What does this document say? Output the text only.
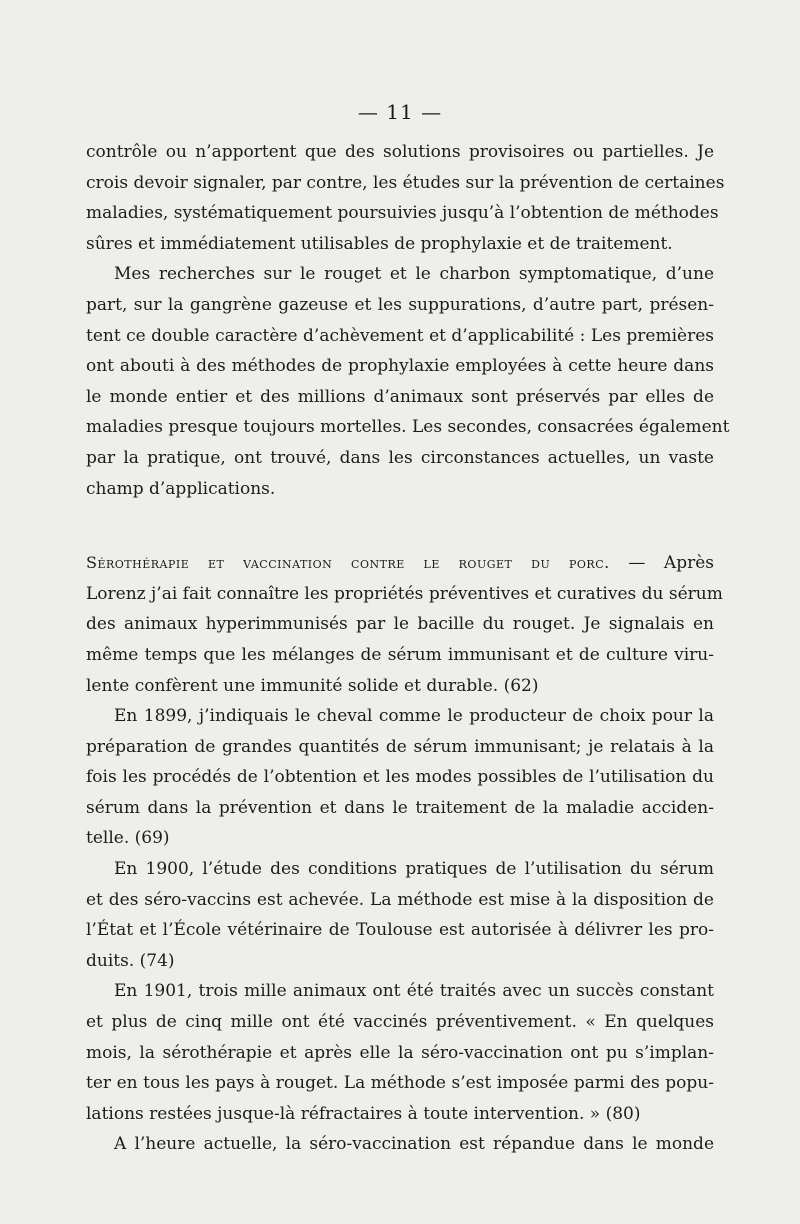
— 11 —
contrôle ou n’apportent que des solutions provisoires ou partielles. Je
crois devoir signaler, par contre, les études sur la prévention de certaines
maladies, systématiquement poursuivies jusqu’à l’obtention de méthodes
sûres et immédiatement utilisables de prophylaxie et de traitement.
Mes recherches sur le rouget et le charbon symptomatique, d’une
part, sur la gangrène gazeuse et les suppurations, d’autre part, présen-
tent ce double caractère d’achèvement et d’applicabilité : Les premières
ont abouti à des méthodes de prophylaxie employées à cette heure dans
le monde entier et des millions d’animaux sont préservés par elles de
maladies presque toujours mortelles. Les secondes, consacrées également
par la pratique, ont trouvé, dans les circonstances actuelles, un vaste
champ d’applications.
Sérothérapie et vaccination contre le rouget du porc. — Après
Lorenz j’ai fait connaître les propriétés préventives et curatives du sérum
des animaux hyperimmunisés par le bacille du rouget. Je signalais en
même temps que les mélanges de sérum immunisant et de culture viru-
lente confèrent une immunité solide et durable. (62)
En 1899, j’indiquais le cheval comme le producteur de choix pour la
préparation de grandes quantités de sérum immunisant; je relatais à la
fois les procédés de l’obtention et les modes possibles de l’utilisation du
sérum dans la prévention et dans le traitement de la maladie acciden-
telle. (69)
En 1900, l’étude des conditions pratiques de l’utilisation du sérum
et des séro-vaccins est achevée. La méthode est mise à la disposition de
l’État et l’École vétérinaire de Toulouse est autorisée à délivrer les pro-
duits. (74)
En 1901, trois mille animaux ont été traités avec un succès constant
et plus de cinq mille ont été vaccinés préventivement. « En quelques
mois, la sérothérapie et après elle la séro-vaccination ont pu s’implan-
ter en tous les pays à rouget. La méthode s’est imposée parmi des popu-
lations restées jusque-là réfractaires à toute intervention. » (80)
A l’heure actuelle, la séro-vaccination est répandue dans le monde
